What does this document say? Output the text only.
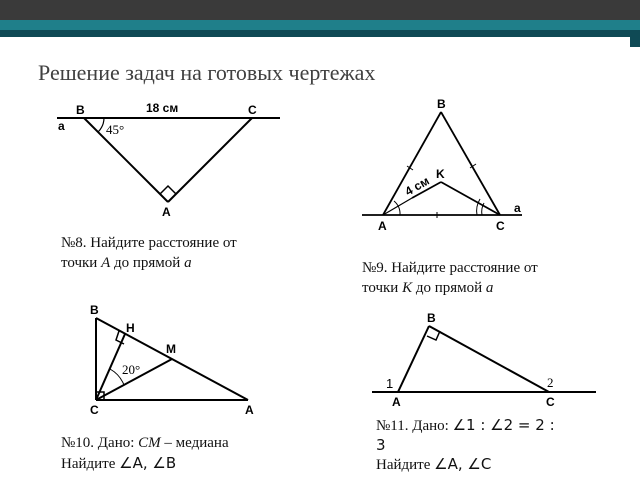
Решение задач на готовых чертежах
B
a
18 см	C
45°
A
B
K
4 см
A	C
a
B
H
M
20°
C	A
B
1	2
A	C
№8. Найдите расстояние от
точки A до прямой a	№9. Найдите расстояние от
точки K до прямой a
№10. Дано: CM – медиана
Найдите ∠A, ∠B
№11. Дано: ∠1 : ∠2 = 2 :
3
Найдите ∠A, ∠C
